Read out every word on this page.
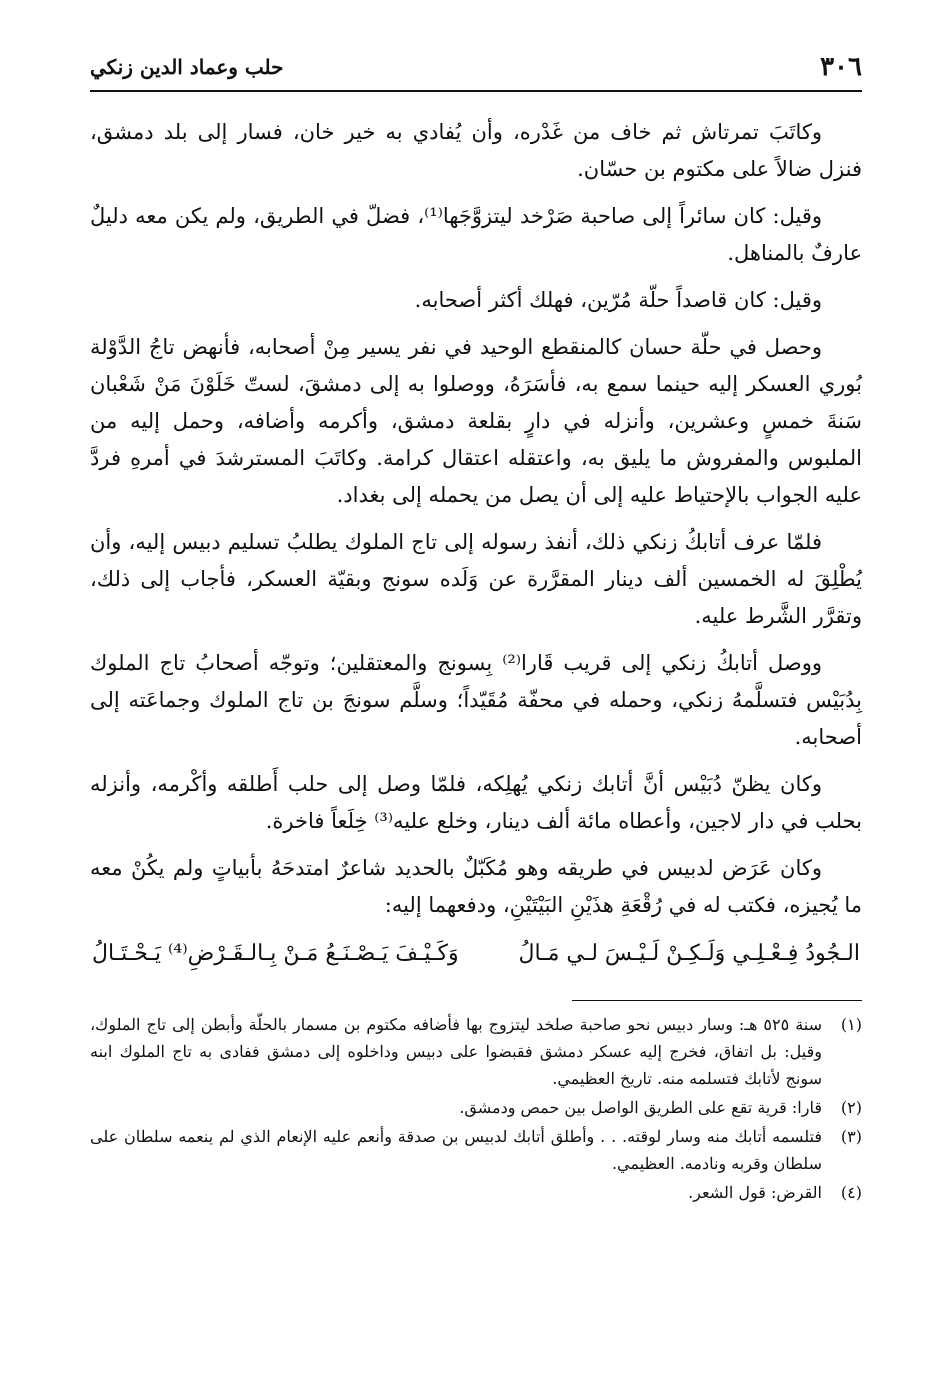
٣٠٦
حلب وعماد الدين زنكي

وكاتَبَ تمرتاش ثم خاف من غَدْره، وأن يُفادي به خير خان، فسار إلى بلد دمشق، فنزل ضالاً على مكتوم بن حسّان.

وقيل: كان سائراً إلى صاحبة صَرْخد ليتزوَّجَها⁽¹⁾، فضلّ في الطريق، ولم يكن معه دليلٌ عارفٌ بالمناهل.

وقيل: كان قاصداً حلّة مُرّين، فهلك أكثر أصحابه.

وحصل في حلّة حسان كالمنقطع الوحيد في نفر يسير مِنْ أصحابه، فأنهض تاجُ الدَّوْلة بُوري العسكر إليه حينما سمع به، فأسَرَهُ، ووصلوا به إلى دمشقَ، لستّ خَلَوْنَ مَنْ شَعْبان سَنةَ خمسٍ وعشرين، وأنزله في دارٍ بقلعة دمشق، وأكرمه وأضافه، وحمل إليه من الملبوس والمفروش ما يليق به، واعتقله اعتقال كرامة. وكاتَبَ المسترشدَ في أمرهِ فردَّ عليه الجواب بالإحتياط عليه إلى أن يصل من يحمله إلى بغداد.

فلمّا عرف أتابكُ زنكي ذلك، أنفذ رسوله إلى تاج الملوك يطلبُ تسليم دبيس إليه، وأن يُطْلِقَ له الخمسين ألف دينار المقرَّرة عن وَلَده سونج وبقيّة العسكر، فأجاب إلى ذلك، وتقرَّر الشَّرط عليه.

ووصل أتابكُ زنكي إلى قريب قَارا⁽²⁾ بِسونج والمعتقلين؛ وتوجّه أصحابُ تاج الملوك بِدُبَيْس فتسلَّمهُ زنكي، وحمله في محفّة مُقَيّداً؛ وسلَّم سونجَ بن تاج الملوك وجماعَته إلى أصحابه.

وكان يظنّ دُبَيْس أنَّ أتابك زنكي يُهلِكه، فلمّا وصل إلى حلب أَطلقه وأكْرمه، وأنزله بحلب في دار لاجين، وأعطاه مائة ألف دينار، وخلع عليه⁽³⁾ خِلَعاً فاخرة.

وكان عَرَض لدبيس في طريقه وهو مُكَبّلٌ بالحديد شاعرٌ امتدحَهُ بأبياتٍ ولم يكُنْ معه ما يُجيزه، فكتب له في رُقْعَةِ هذَيْنِ البَيْتَيْنِ، ودفعهما إليه:

الـجُودُ فِـعْـلِـي وَلَـكِـنْ لَـيْـسَ لـي مَـالُ
وَكَـيْـفَ يَـصْـنَـعُ مَـنْ بِـالـقَـرْضِ⁽⁴⁾ يَـحْـتَـالُ

(١)سنة ٥٢٥ هـ: وسار دبيس نحو صاحبة صلخد ليتزوج بها فأضافه مكتوم بن مسمار بالحلّة وأبطن إلى تاج الملوك، وقيل: بل اتفاق، فخرج إليه عسكر دمشق فقبضوا على دبيس وداخلوه إلى دمشق ففادى به تاج الملوك ابنه سونج لأتابك فتسلمه منه. تاريخ العظيمي.

(٢)قارا: قرية تقع على الطريق الواصل بين حمص ودمشق.

(٣)فتلسمه أتابك منه وسار لوقته. . . وأطلق أتابك لدبيس بن صدقة وأنعم عليه الإنعام الذي لم ينعمه سلطان على سلطان وقربه ونادمه. العظيمي.

(٤)القرض: قول الشعر.
